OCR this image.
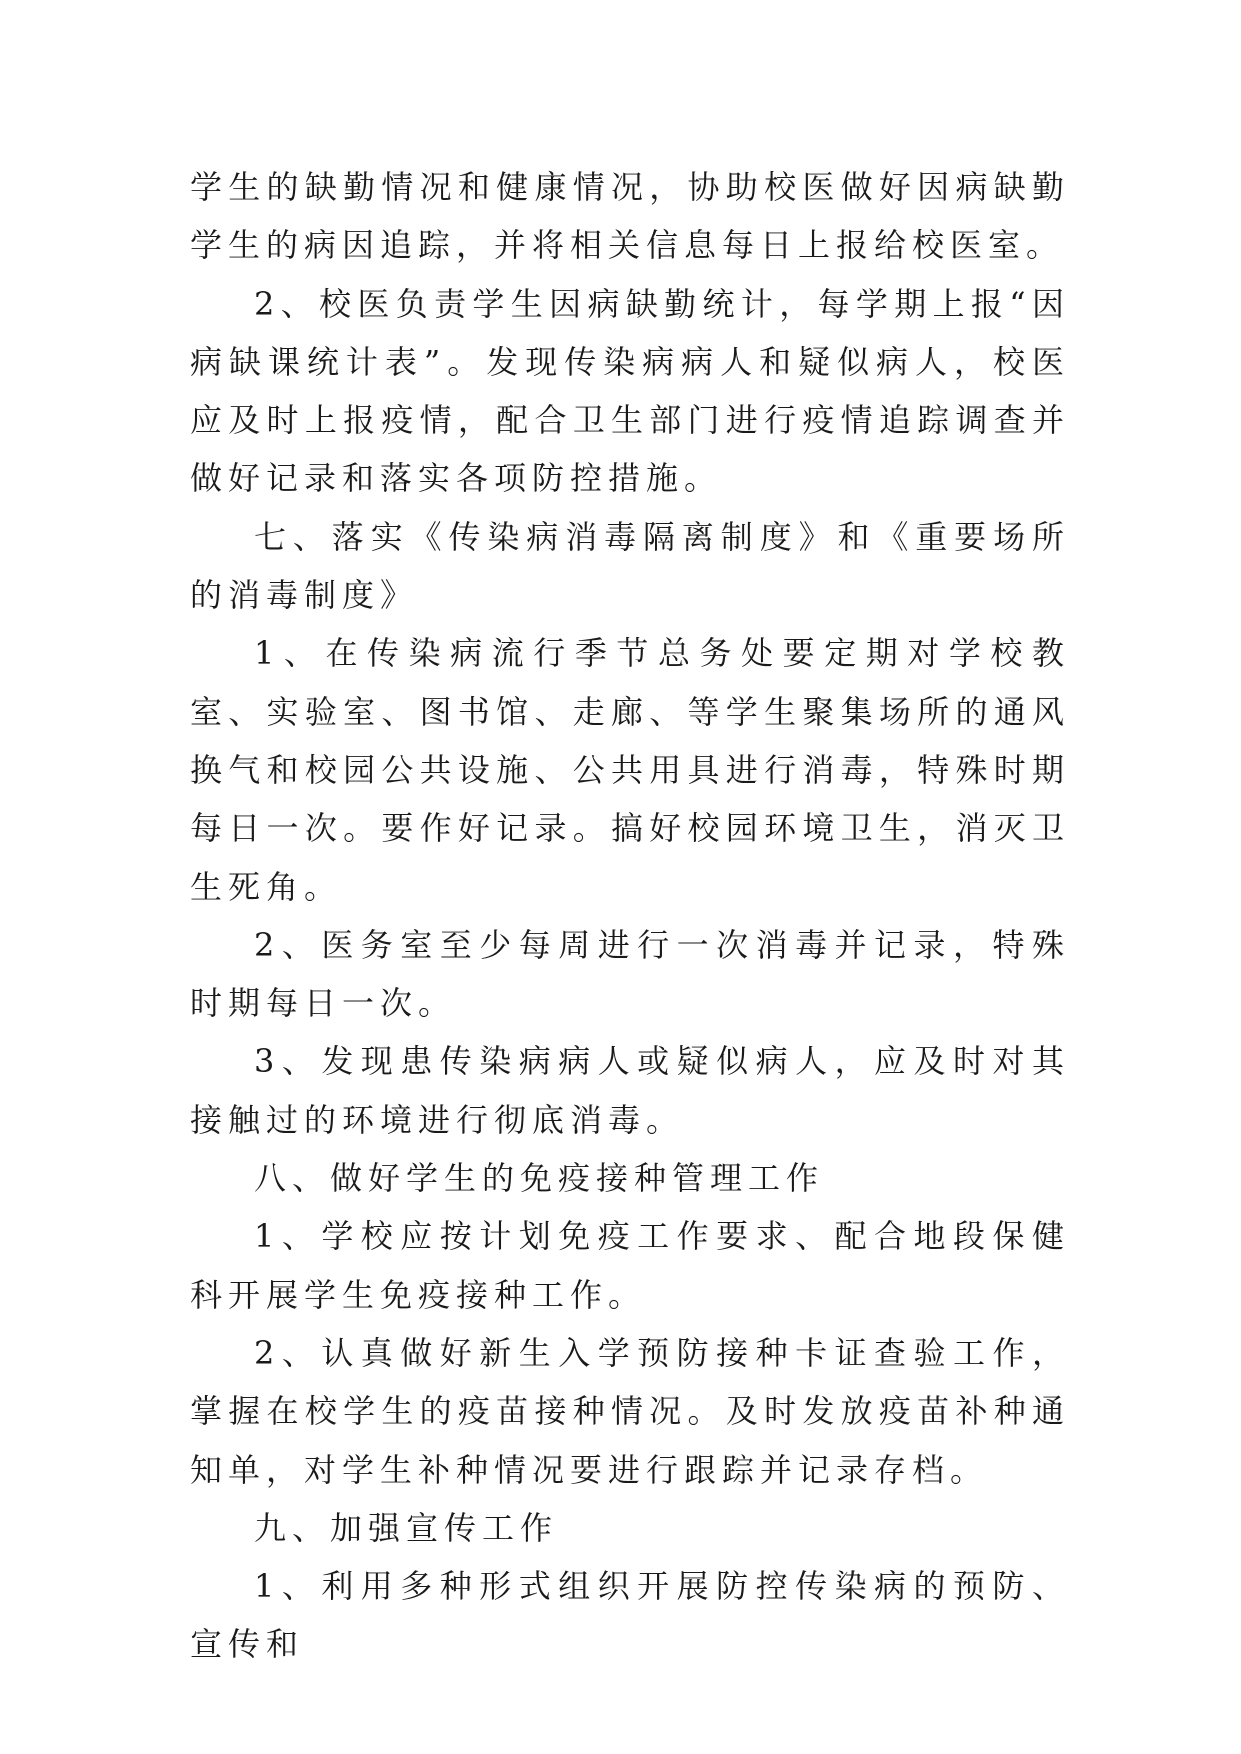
学生的缺勤情况和健康情况，协助校医做好因病缺勤学生的病因追踪，并将相关信息每日上报给校医室。

2、校医负责学生因病缺勤统计，每学期上报“因病缺课统计表”。发现传染病病人和疑似病人，校医应及时上报疫情，配合卫生部门进行疫情追踪调查并做好记录和落实各项防控措施。

七、落实《传染病消毒隔离制度》和《重要场所的消毒制度》

1、在传染病流行季节总务处要定期对学校教室、实验室、图书馆、走廊、等学生聚集场所的通风换气和校园公共设施、公共用具进行消毒，特殊时期每日一次。要作好记录。搞好校园环境卫生，消灭卫生死角。

2、医务室至少每周进行一次消毒并记录，特殊时期每日一次。

3、发现患传染病病人或疑似病人，应及时对其接触过的环境进行彻底消毒。

八、做好学生的免疫接种管理工作

1、学校应按计划免疫工作要求、配合地段保健科开展学生免疫接种工作。

2、认真做好新生入学预防接种卡证查验工作，掌握在校学生的疫苗接种情况。及时发放疫苗补种通知单，对学生补种情况要进行跟踪并记录存档。

九、加强宣传工作

1、利用多种形式组织开展防控传染病的预防、宣传和
